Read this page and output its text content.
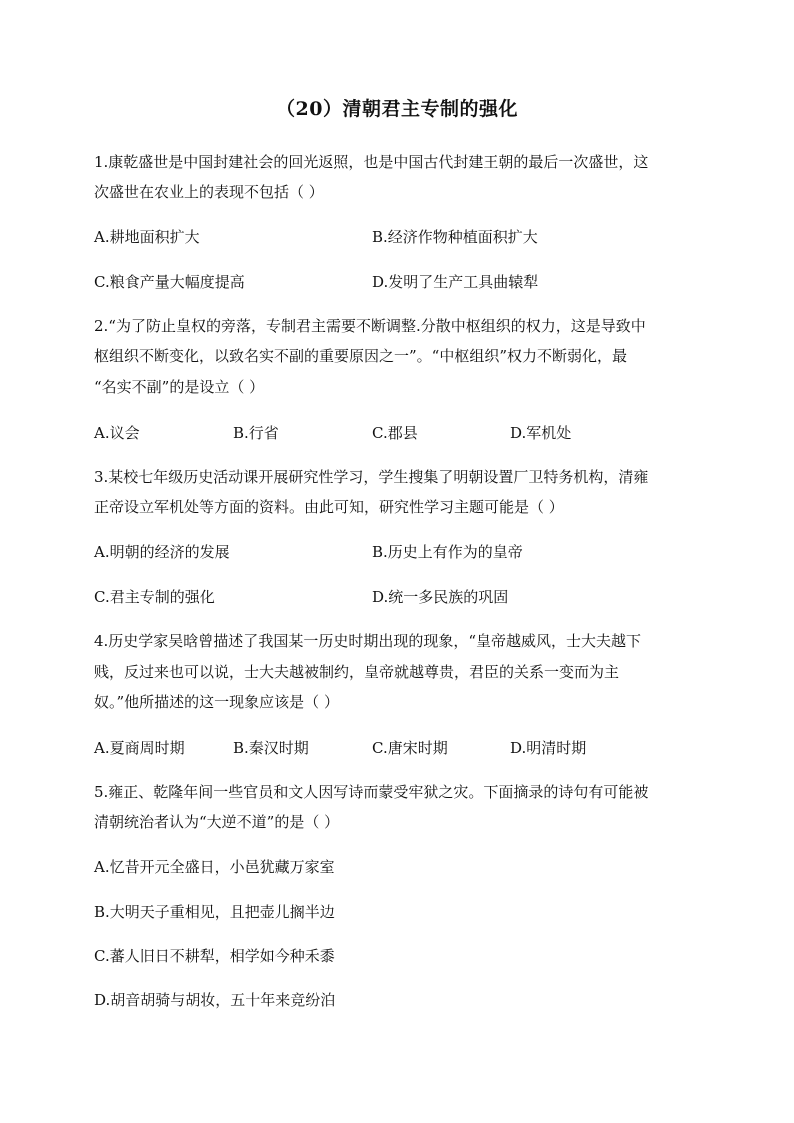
（20）清朝君主专制的强化
1.康乾盛世是中国封建社会的回光返照，也是中国古代封建王朝的最后一次盛世，这
次盛世在农业上的表现不包括（ ）
A.耕地面积扩大	B.经济作物种植面积扩大
C.粮食产量大幅度提高	D.发明了生产工具曲辕犁
2.“为了防止皇权的旁落，专制君主需要不断调整.分散中枢组织的权力，这是导致中
枢组织不断变化，以致名实不副的重要原因之一”。“中枢组织”权力不断弱化，最
“名实不副”的是设立（ ）
A.议会	B.行省	C.郡县	D.军机处
3.某校七年级历史活动课开展研究性学习，学生搜集了明朝设置厂卫特务机构，清雍
正帝设立军机处等方面的资料。由此可知，研究性学习主题可能是（ ）
A.明朝的经济的发展	B.历史上有作为的皇帝
C.君主专制的强化	D.统一多民族的巩固
4.历史学家吴晗曾描述了我国某一历史时期出现的现象，“皇帝越威风，士大夫越下
贱，反过来也可以说，士大夫越被制约，皇帝就越尊贵，君臣的关系一变而为主
奴。”他所描述的这一现象应该是（ ）
A.夏商周时期	B.秦汉时期	C.唐宋时期	D.明清时期
5.雍正、乾隆年间一些官员和文人因写诗而蒙受牢狱之灾。下面摘录的诗句有可能被
清朝统治者认为“大逆不道”的是（ ）
A.忆昔开元全盛日，小邑犹藏万家室
B.大明天子重相见，且把壶儿搁半边
C.蕃人旧日不耕犁，相学如今种禾黍
D.胡音胡骑与胡妆，五十年来竞纷泊
